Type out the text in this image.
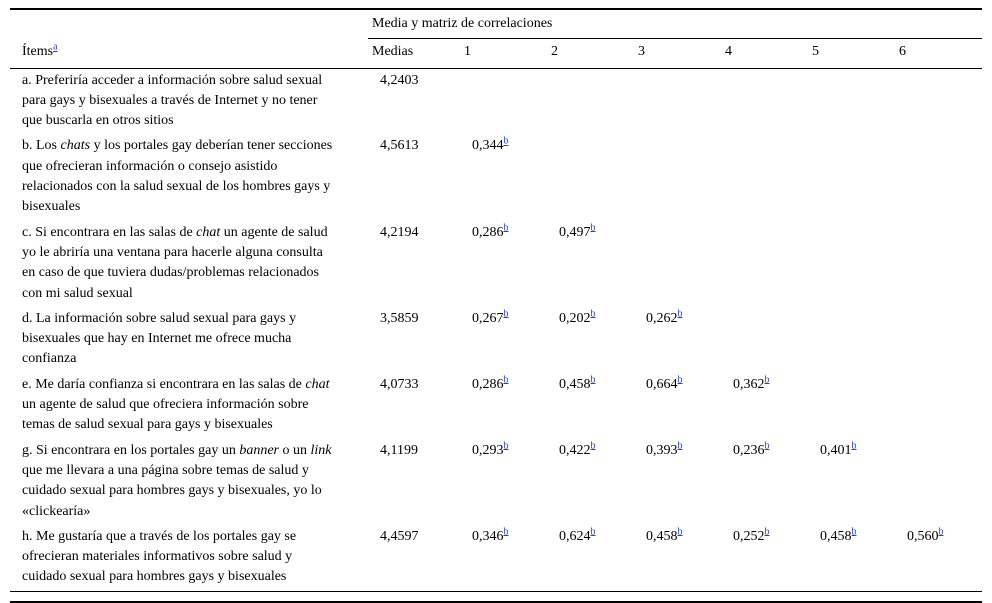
	Media y matriz de correlaciones						
Ítems$^a$	Medias	1	2	3	4	5	6
a. Preferiría acceder a información sobre salud sexual para gays y bisexuales a través de Internet y no tener que buscarla en otros sitios	4,2403						
b. Los chats y los portales gay deberían tener secciones que ofrecieran información o consejo asistido relacionados con la salud sexual de los hombres gays y bisexuales	4,5613	0,344$^b$					
c. Si encontrara en las salas de chat un agente de salud yo le abriría una ventana para hacerle alguna consulta en caso de que tuviera dudas/problemas relacionados con mi salud sexual	4,2194	0,286$^b$	0,497$^b$				
d. La información sobre salud sexual para gays y bisexuales que hay en Internet me ofrece mucha confianza	3,5859	0,267$^b$	0,202$^b$	0,262$^b$			
e. Me daría confianza si encontrara en las salas de chat un agente de salud que ofreciera información sobre temas de salud sexual para gays y bisexuales	4,0733	0,286$^b$	0,458$^b$	0,664$^b$	0,362$^b$		
g. Si encontrara en los portales gay un banner o un link que me llevara a una página sobre temas de salud y cuidado sexual para hombres gays y bisexuales, yo lo «clickearía»	4,1199	0,293$^b$	0,422$^b$	0,393$^b$	0,236$^b$	0,401$^b$	
h. Me gustaría que a través de los portales gay se ofrecieran materiales informativos sobre salud y cuidado sexual para hombres gays y bisexuales	4,4597	0,346$^b$	0,624$^b$	0,458$^b$	0,252$^b$	0,458$^b$	0,560$^b$
